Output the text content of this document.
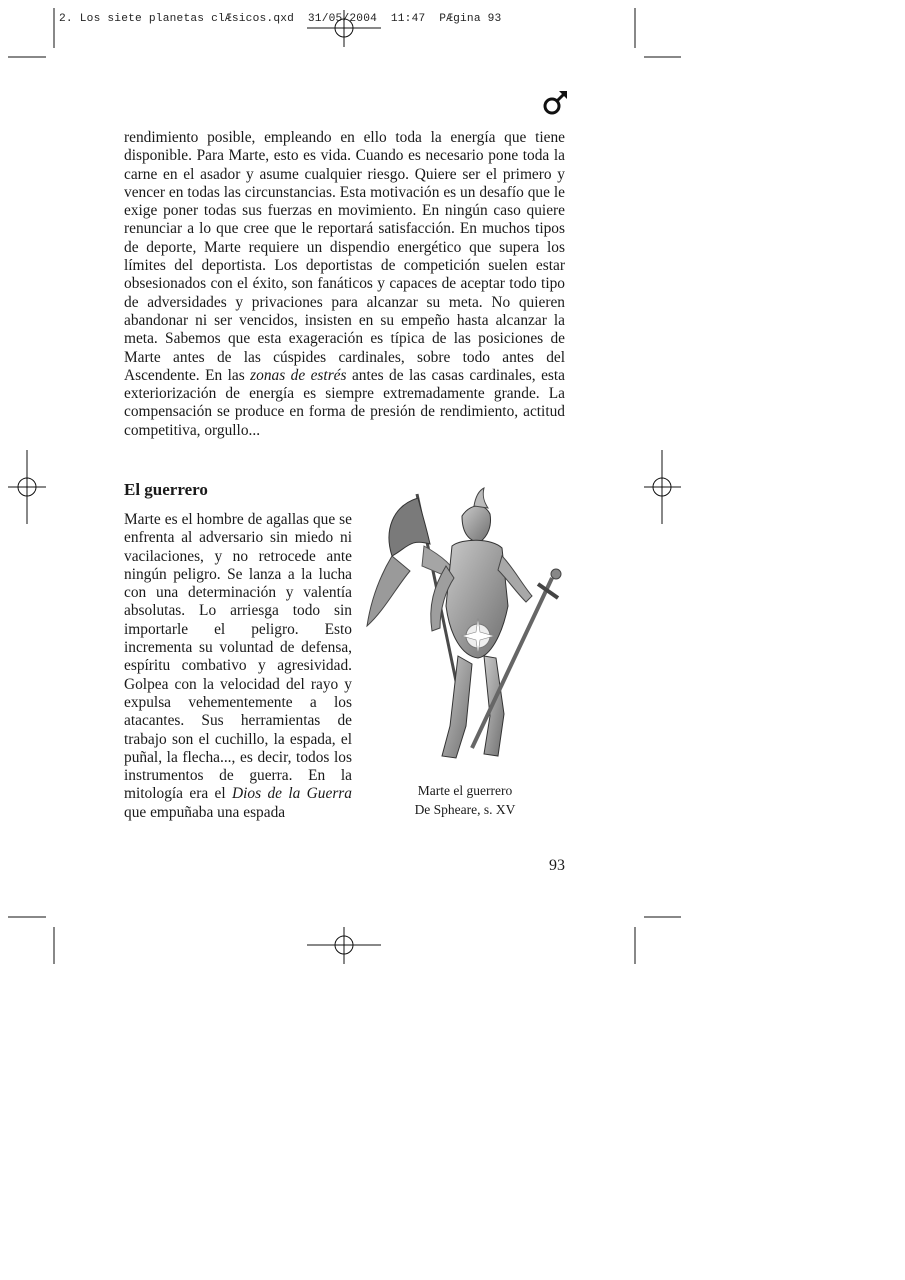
2. Los siete planetas clÆsicos.qxd  31/05/2004  11:47  PÆgina 93

rendimiento posible, empleando en ello toda la energía que tiene disponible. Para Marte, esto es vida. Cuando es necesario pone toda la carne en el asador y asume cualquier riesgo. Quiere ser el primero y vencer en todas las circunstancias. Esta motivación es un desafío que le exige poner todas sus fuerzas en movimiento. En ningún caso quiere renunciar a lo que cree que le reportará satisfacción. En muchos tipos de deporte, Marte requiere un dispendio energético que supera los límites del deportista. Los deportistas de competición suelen estar obsesionados con el éxito, son fanáticos y capaces de aceptar todo tipo de adversidades y privaciones para alcanzar su meta. No quieren abandonar ni ser vencidos, insisten en su empeño hasta alcanzar la meta. Sabemos que esta exageración es típica de las posiciones de Marte antes de las cúspides cardinales, sobre todo antes del Ascendente. En las zonas de estrés antes de las casas cardinales, esta exteriorización de energía es siempre extremadamente grande. La compensación se produce en forma de presión de rendimiento, actitud competitiva, orgullo...

El guerrero

Marte es el hombre de agallas que se enfrenta al adversario sin miedo ni vacilaciones, y no retrocede ante ningún peligro. Se lanza a la lucha con una determinación y valentía absolutas. Lo arriesga todo sin importarle el peligro. Esto incrementa su voluntad de defensa, espíritu combativo y agresividad. Golpea con la velocidad del rayo y expulsa vehementemente a los atacantes. Sus herramientas de trabajo son el cuchillo, la espada, el puñal, la flecha..., es decir, todos los instrumentos de guerra. En la mitología era el Dios de la Guerra que empuñaba una espada

Marte el guerrero
De Spheare, s. XV

93
